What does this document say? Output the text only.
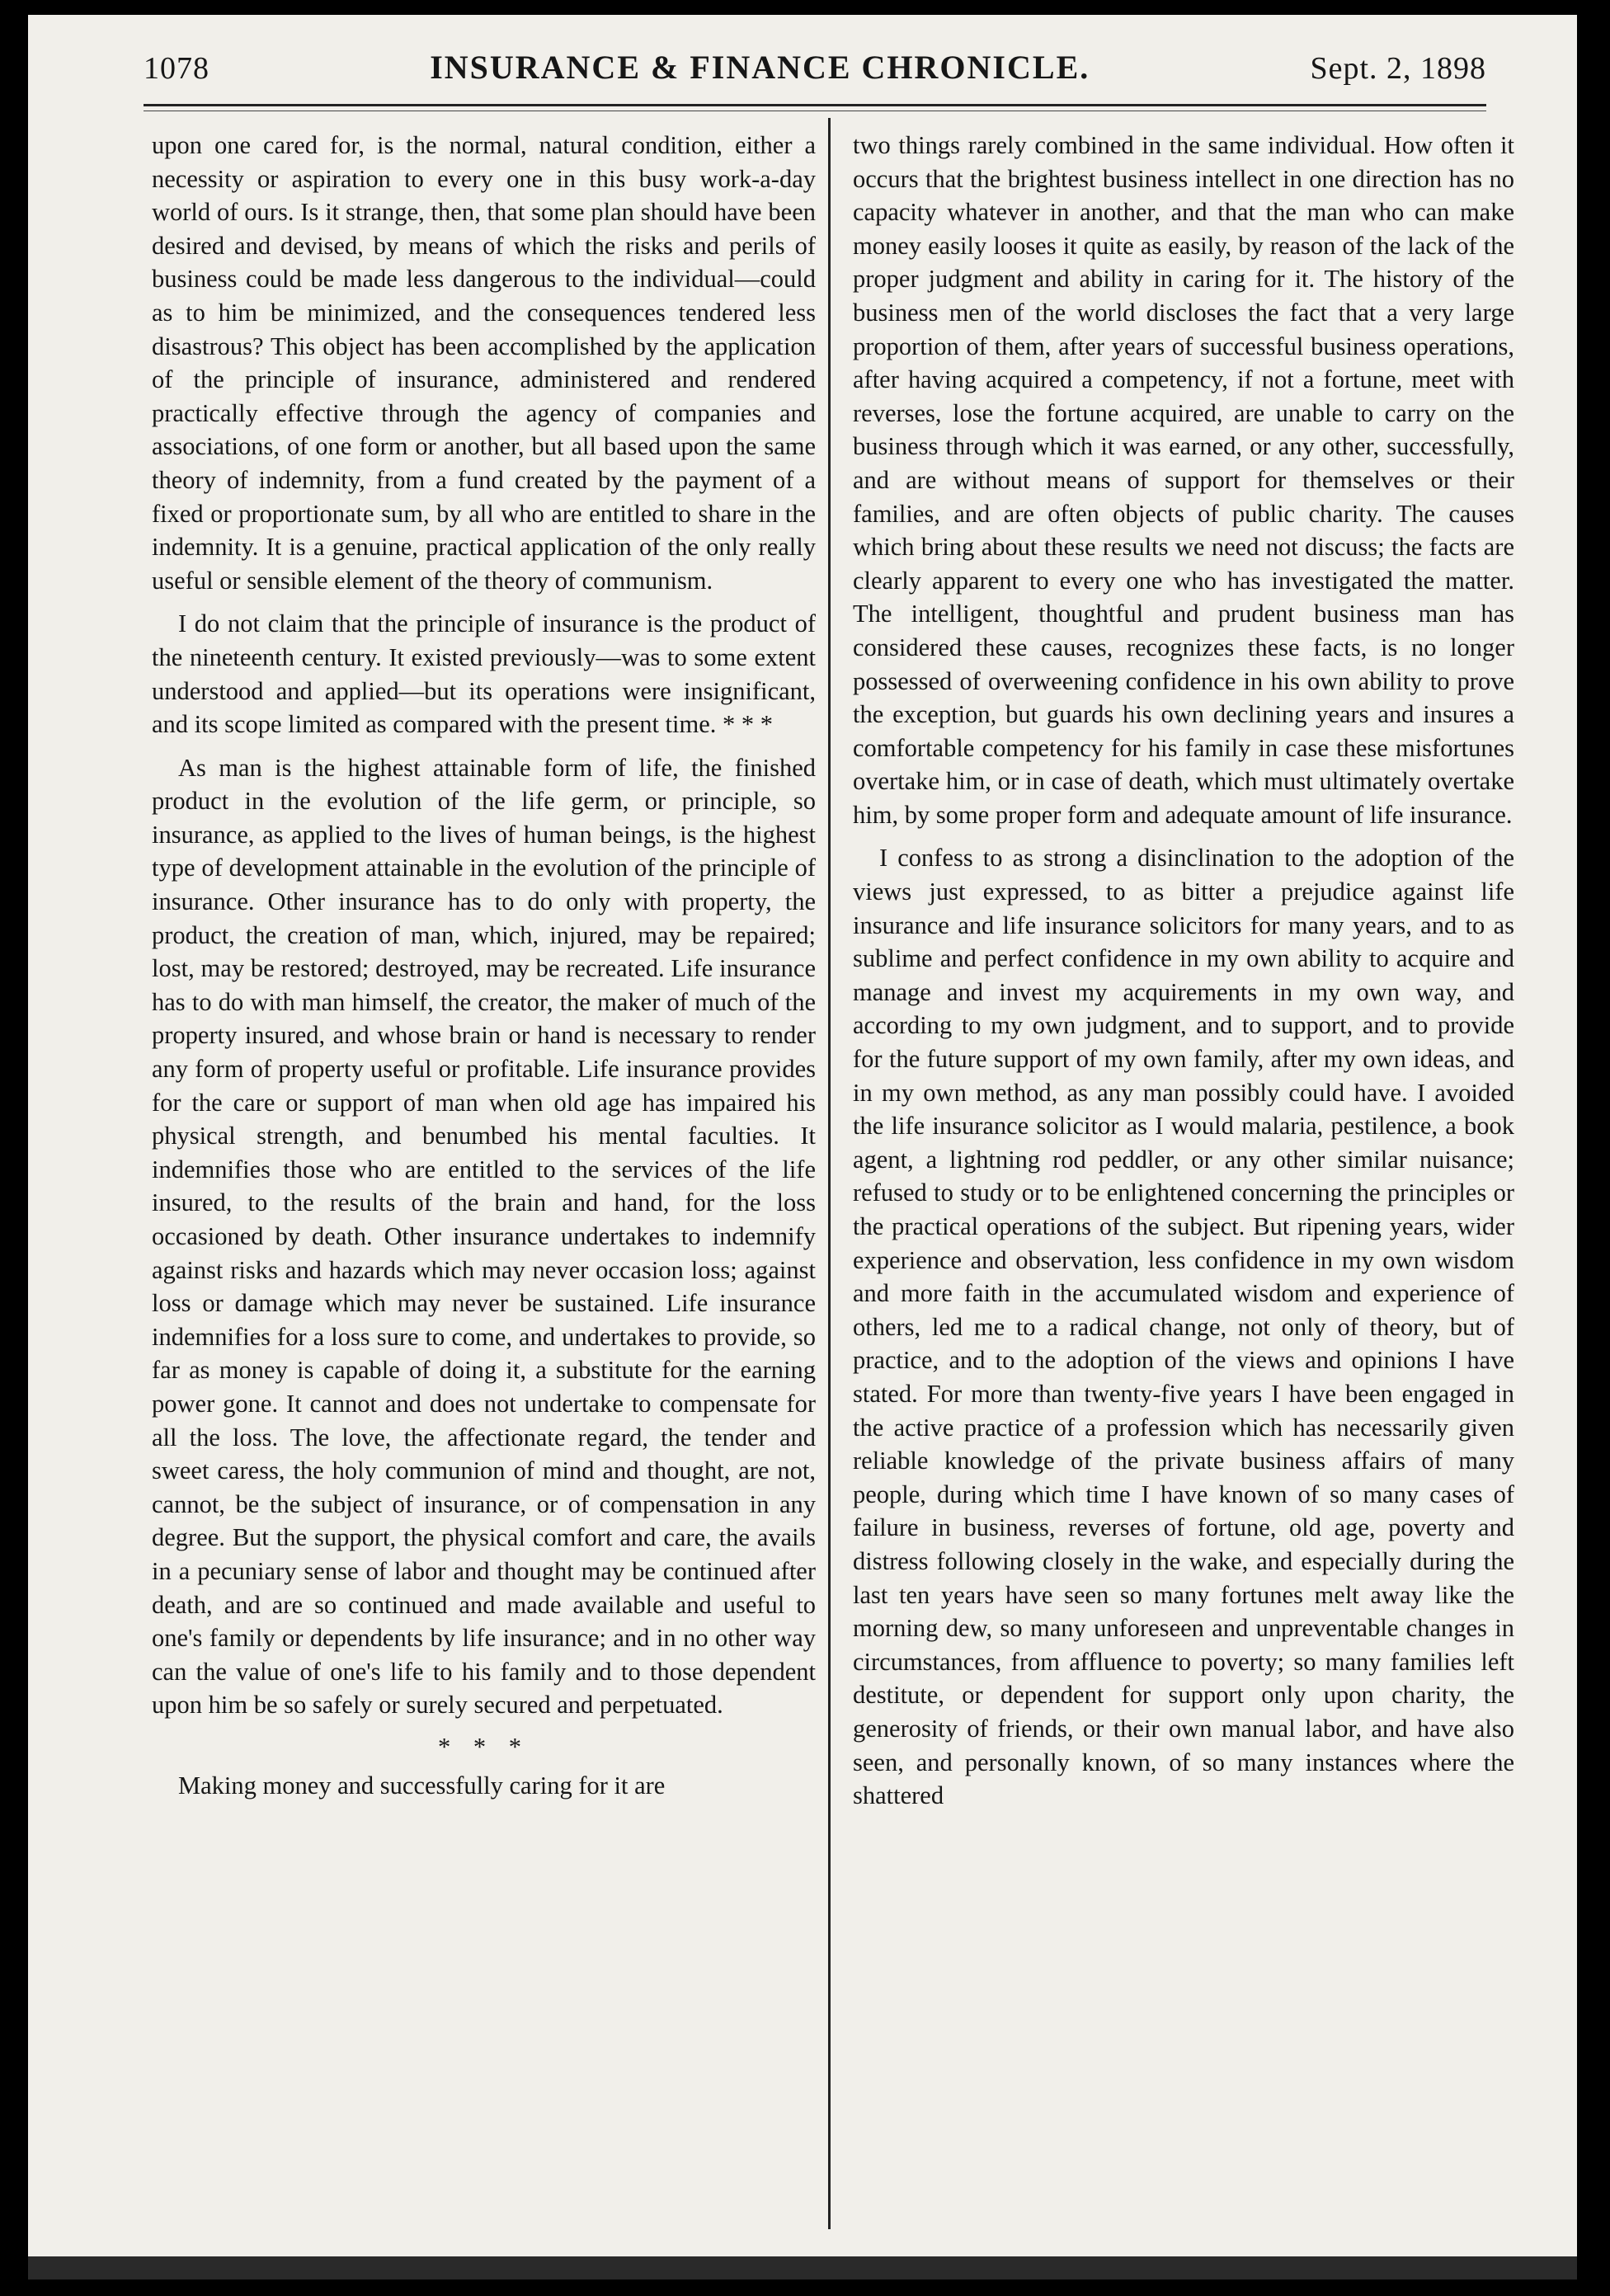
1078	INSURANCE & FINANCE CHRONICLE.	Sept. 2, 1898

upon one cared for, is the normal, natural condition, either a necessity or aspiration to every one in this busy work-a-day world of ours. Is it strange, then, that some plan should have been desired and devised, by means of which the risks and perils of business could be made less dangerous to the individual—could as to him be minimized, and the consequences tendered less disastrous? This object has been accomplished by the application of the principle of insurance, administered and rendered practically effective through the agency of companies and associations, of one form or another, but all based upon the same theory of indemnity, from a fund created by the payment of a fixed or proportionate sum, by all who are entitled to share in the indemnity. It is a genuine, practical application of the only really useful or sensible element of the theory of communism.

I do not claim that the principle of insurance is the product of the nineteenth century. It existed previously—was to some extent understood and applied—but its operations were insignificant, and its scope limited as compared with the present time. * * *

As man is the highest attainable form of life, the finished product in the evolution of the life germ, or principle, so insurance, as applied to the lives of human beings, is the highest type of development attainable in the evolution of the principle of insurance. Other insurance has to do only with property, the product, the creation of man, which, injured, may be repaired; lost, may be restored; destroyed, may be recreated. Life insurance has to do with man himself, the creator, the maker of much of the property insured, and whose brain or hand is necessary to render any form of property useful or profitable. Life insurance provides for the care or support of man when old age has impaired his physical strength, and benumbed his mental faculties. It indemnifies those who are entitled to the services of the life insured, to the results of the brain and hand, for the loss occasioned by death. Other insurance undertakes to indemnify against risks and hazards which may never occasion loss; against loss or damage which may never be sustained. Life insurance indemnifies for a loss sure to come, and undertakes to provide, so far as money is capable of doing it, a substitute for the earning power gone. It cannot and does not undertake to compensate for all the loss. The love, the affectionate regard, the tender and sweet caress, the holy communion of mind and thought, are not, cannot, be the subject of insurance, or of compensation in any degree. But the support, the physical comfort and care, the avails in a pecuniary sense of labor and thought may be continued after death, and are so continued and made available and useful to one's family or dependents by life insurance; and in no other way can the value of one's life to his family and to those dependent upon him be so safely or surely secured and perpetuated.

* * *

Making money and successfully caring for it are

two things rarely combined in the same individual. How often it occurs that the brightest business intellect in one direction has no capacity whatever in another, and that the man who can make money easily looses it quite as easily, by reason of the lack of the proper judgment and ability in caring for it. The history of the business men of the world discloses the fact that a very large proportion of them, after years of successful business operations, after having acquired a competency, if not a fortune, meet with reverses, lose the fortune acquired, are unable to carry on the business through which it was earned, or any other, successfully, and are without means of support for themselves or their families, and are often objects of public charity. The causes which bring about these results we need not discuss; the facts are clearly apparent to every one who has investigated the matter. The intelligent, thoughtful and prudent business man has considered these causes, recognizes these facts, is no longer possessed of overweening confidence in his own ability to prove the exception, but guards his own declining years and insures a comfortable competency for his family in case these misfortunes overtake him, or in case of death, which must ultimately overtake him, by some proper form and adequate amount of life insurance.

I confess to as strong a disinclination to the adoption of the views just expressed, to as bitter a prejudice against life insurance and life insurance solicitors for many years, and to as sublime and perfect confidence in my own ability to acquire and manage and invest my acquirements in my own way, and according to my own judgment, and to support, and to provide for the future support of my own family, after my own ideas, and in my own method, as any man possibly could have. I avoided the life insurance solicitor as I would malaria, pestilence, a book agent, a lightning rod peddler, or any other similar nuisance; refused to study or to be enlightened concerning the principles or the practical operations of the subject. But ripening years, wider experience and observation, less confidence in my own wisdom and more faith in the accumulated wisdom and experience of others, led me to a radical change, not only of theory, but of practice, and to the adoption of the views and opinions I have stated. For more than twenty-five years I have been engaged in the active practice of a profession which has necessarily given reliable knowledge of the private business affairs of many people, during which time I have known of so many cases of failure in business, reverses of fortune, old age, poverty and distress following closely in the wake, and especially during the last ten years have seen so many fortunes melt away like the morning dew, so many unforeseen and unpreventable changes in circumstances, from affluence to poverty; so many families left destitute, or dependent for support only upon charity, the generosity of friends, or their own manual labor, and have also seen, and personally known, of so many instances where the shattered
